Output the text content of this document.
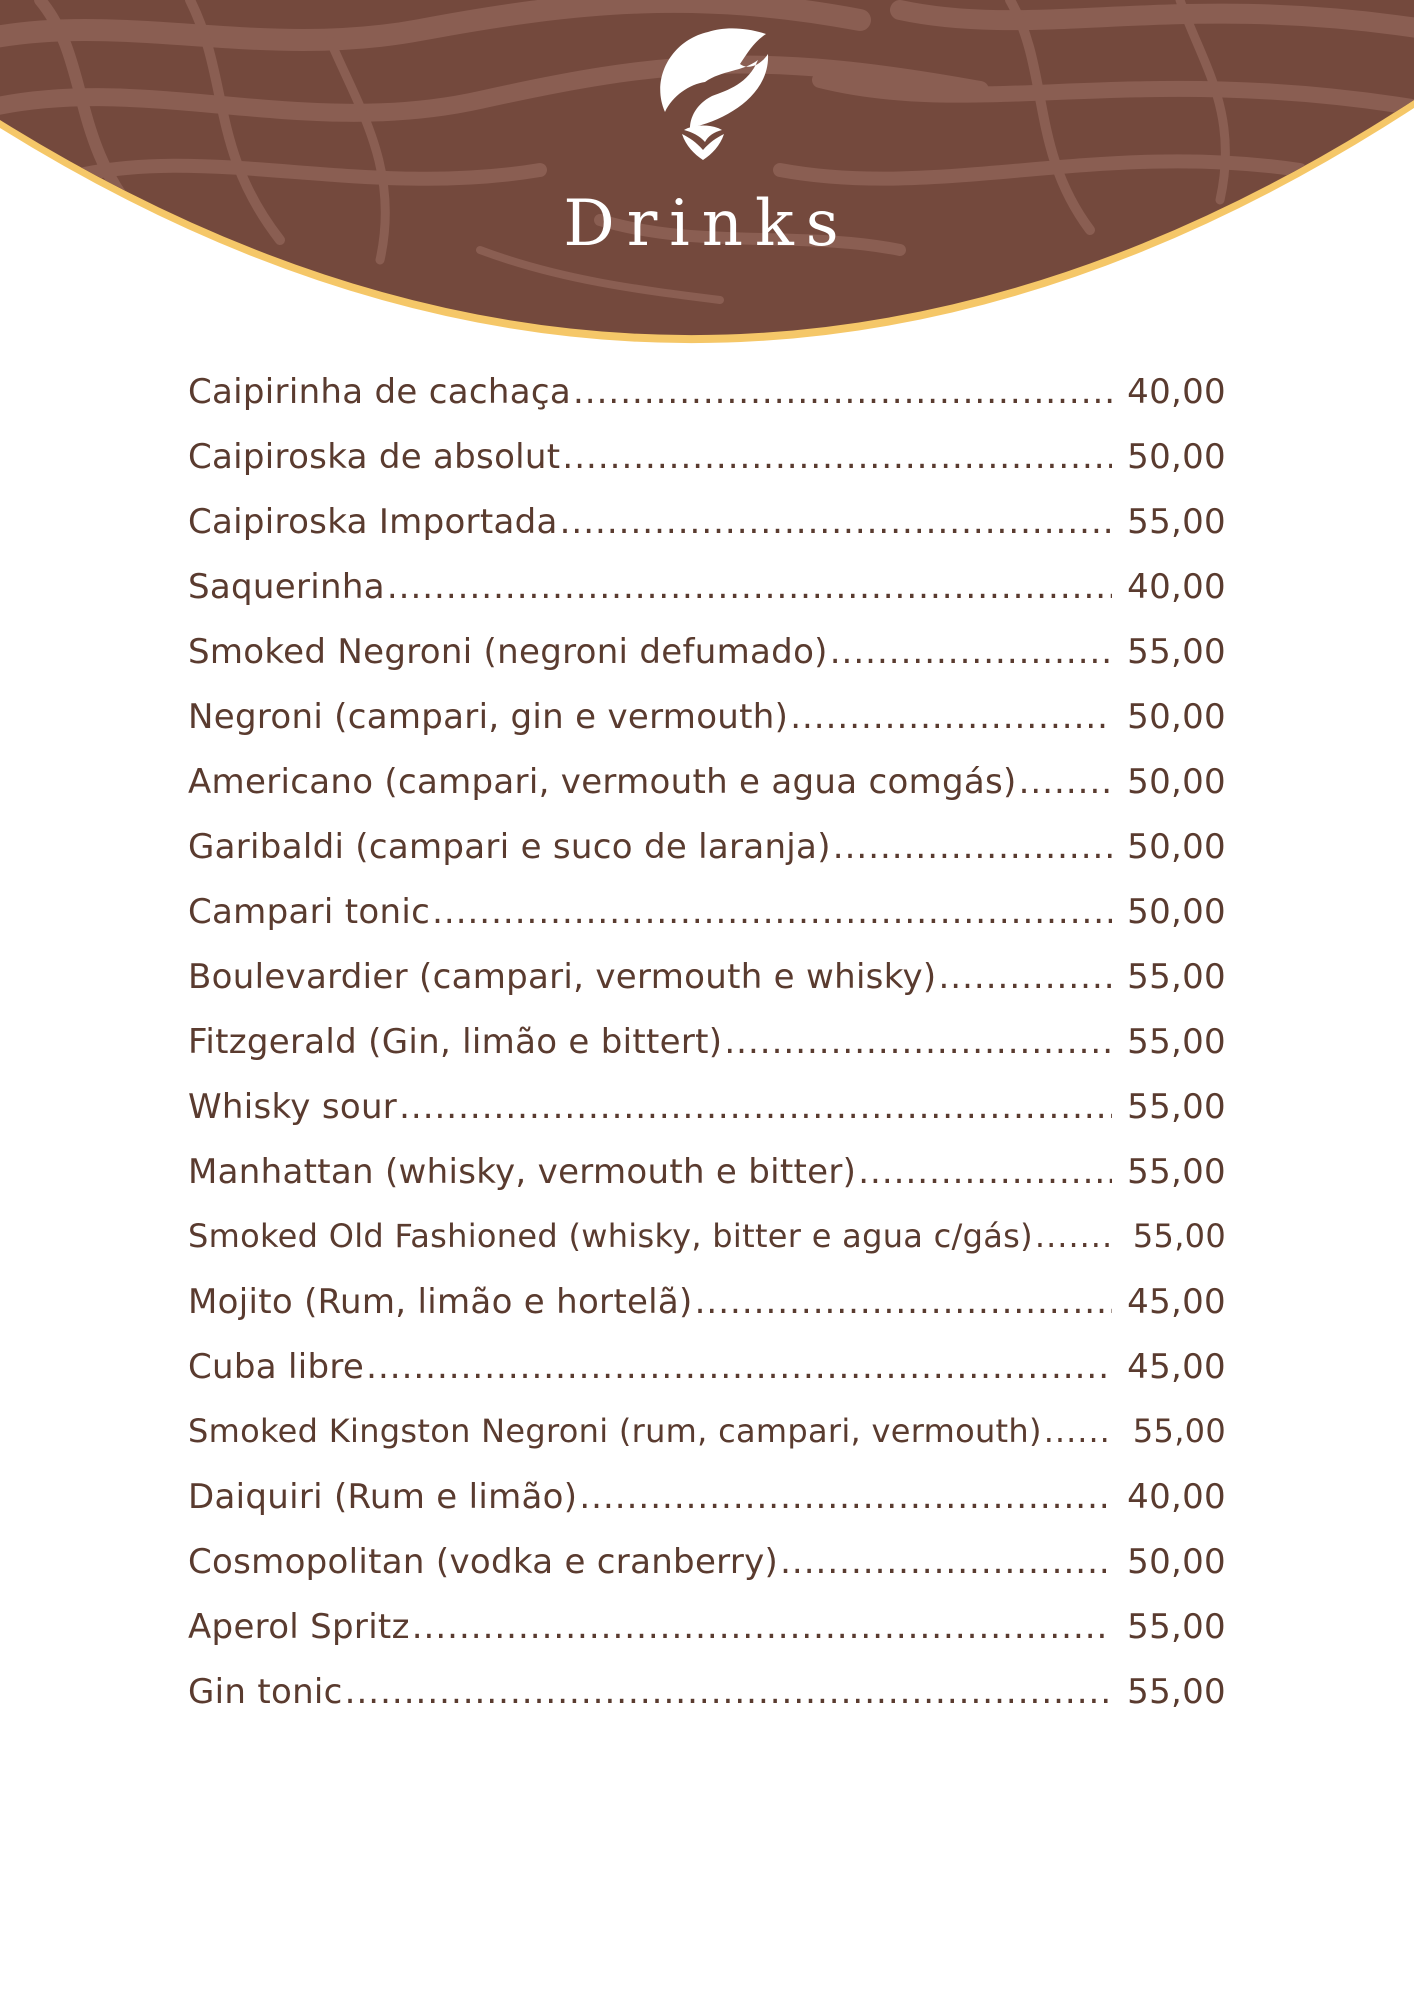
Drinks
Caipirinha de cachaça .....	40,00
Caipiroska de absolut .....	50,00
Caipiroska Importada .....	55,00
Saquerinha .....	40,00
Smoked Negroni (negroni defumado) .....	55,00
Negroni (campari, gin e vermouth) .....	50,00
Americano (campari, vermouth e agua comgás) .....	50,00
Garibaldi (campari e suco de laranja) .....	50,00
Campari tonic .....	50,00
Boulevardier (campari, vermouth e whisky) .....	55,00
Fitzgerald (Gin, limão e bittert) .....	55,00
Whisky sour .....	55,00
Manhattan (whisky, vermouth e bitter) .....	55,00
Smoked Old Fashioned (whisky, bitter e agua c/gás) .....	55,00
Mojito (Rum, limão e hortelã) .....	45,00
Cuba libre .....	45,00
Smoked Kingston Negroni (rum, campari, vermouth) .....	55,00
Daiquiri (Rum e limão) .....	40,00
Cosmopolitan (vodka e cranberry) .....	50,00
Aperol Spritz .....	55,00
Gin tonic .....	55,00
